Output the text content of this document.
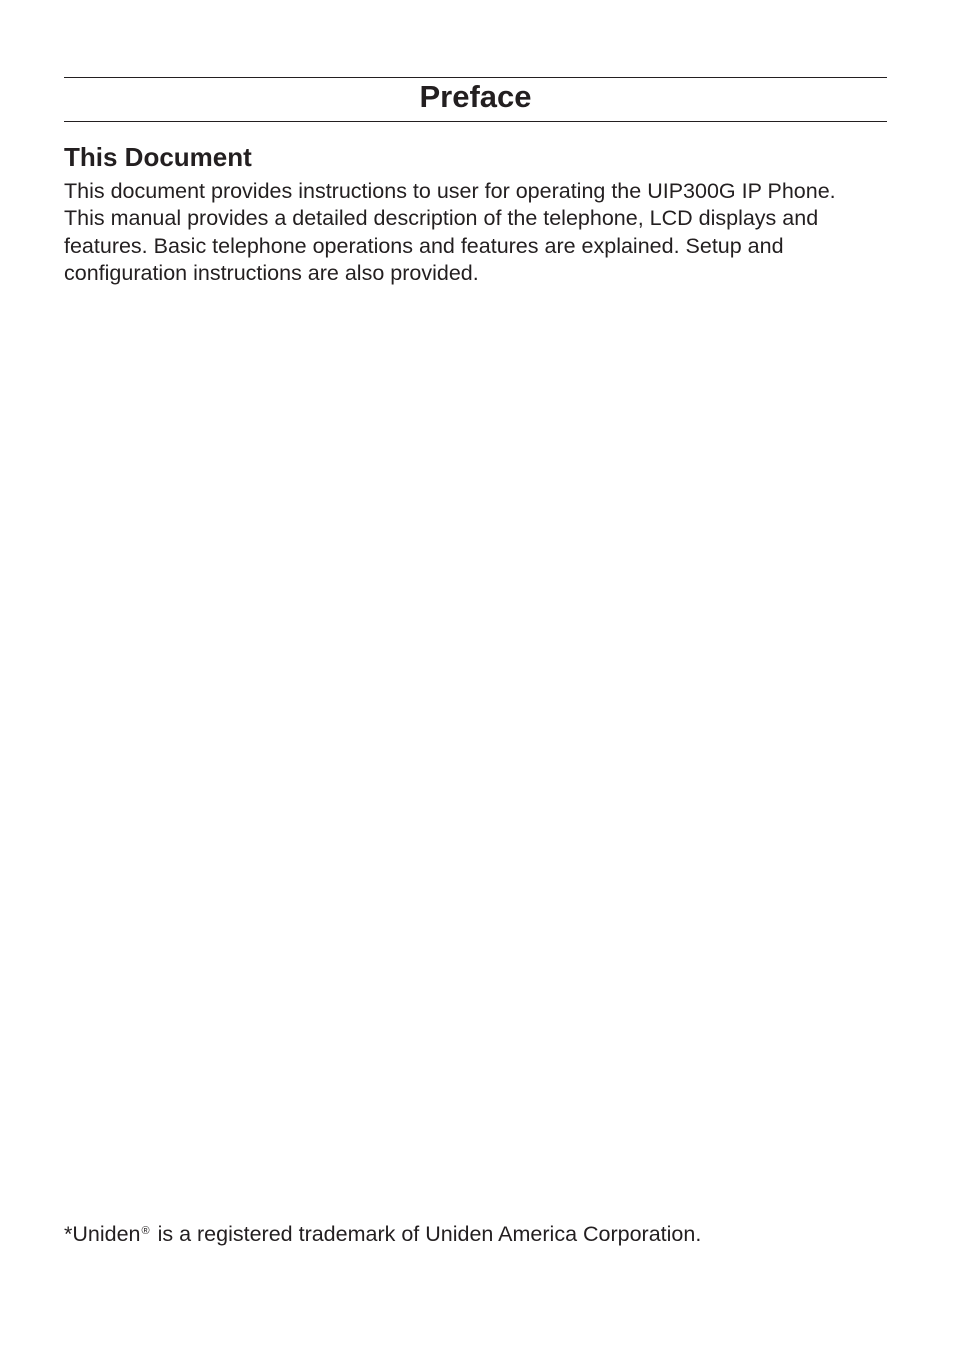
Preface
This Document

This document provides instructions to user for operating the UIP300G IP Phone.
This manual provides a detailed description of the telephone, LCD displays and
features. Basic telephone operations and features are explained. Setup and
configuration instructions are also provided.

*Uniden® is a registered trademark of Uniden America Corporation.
